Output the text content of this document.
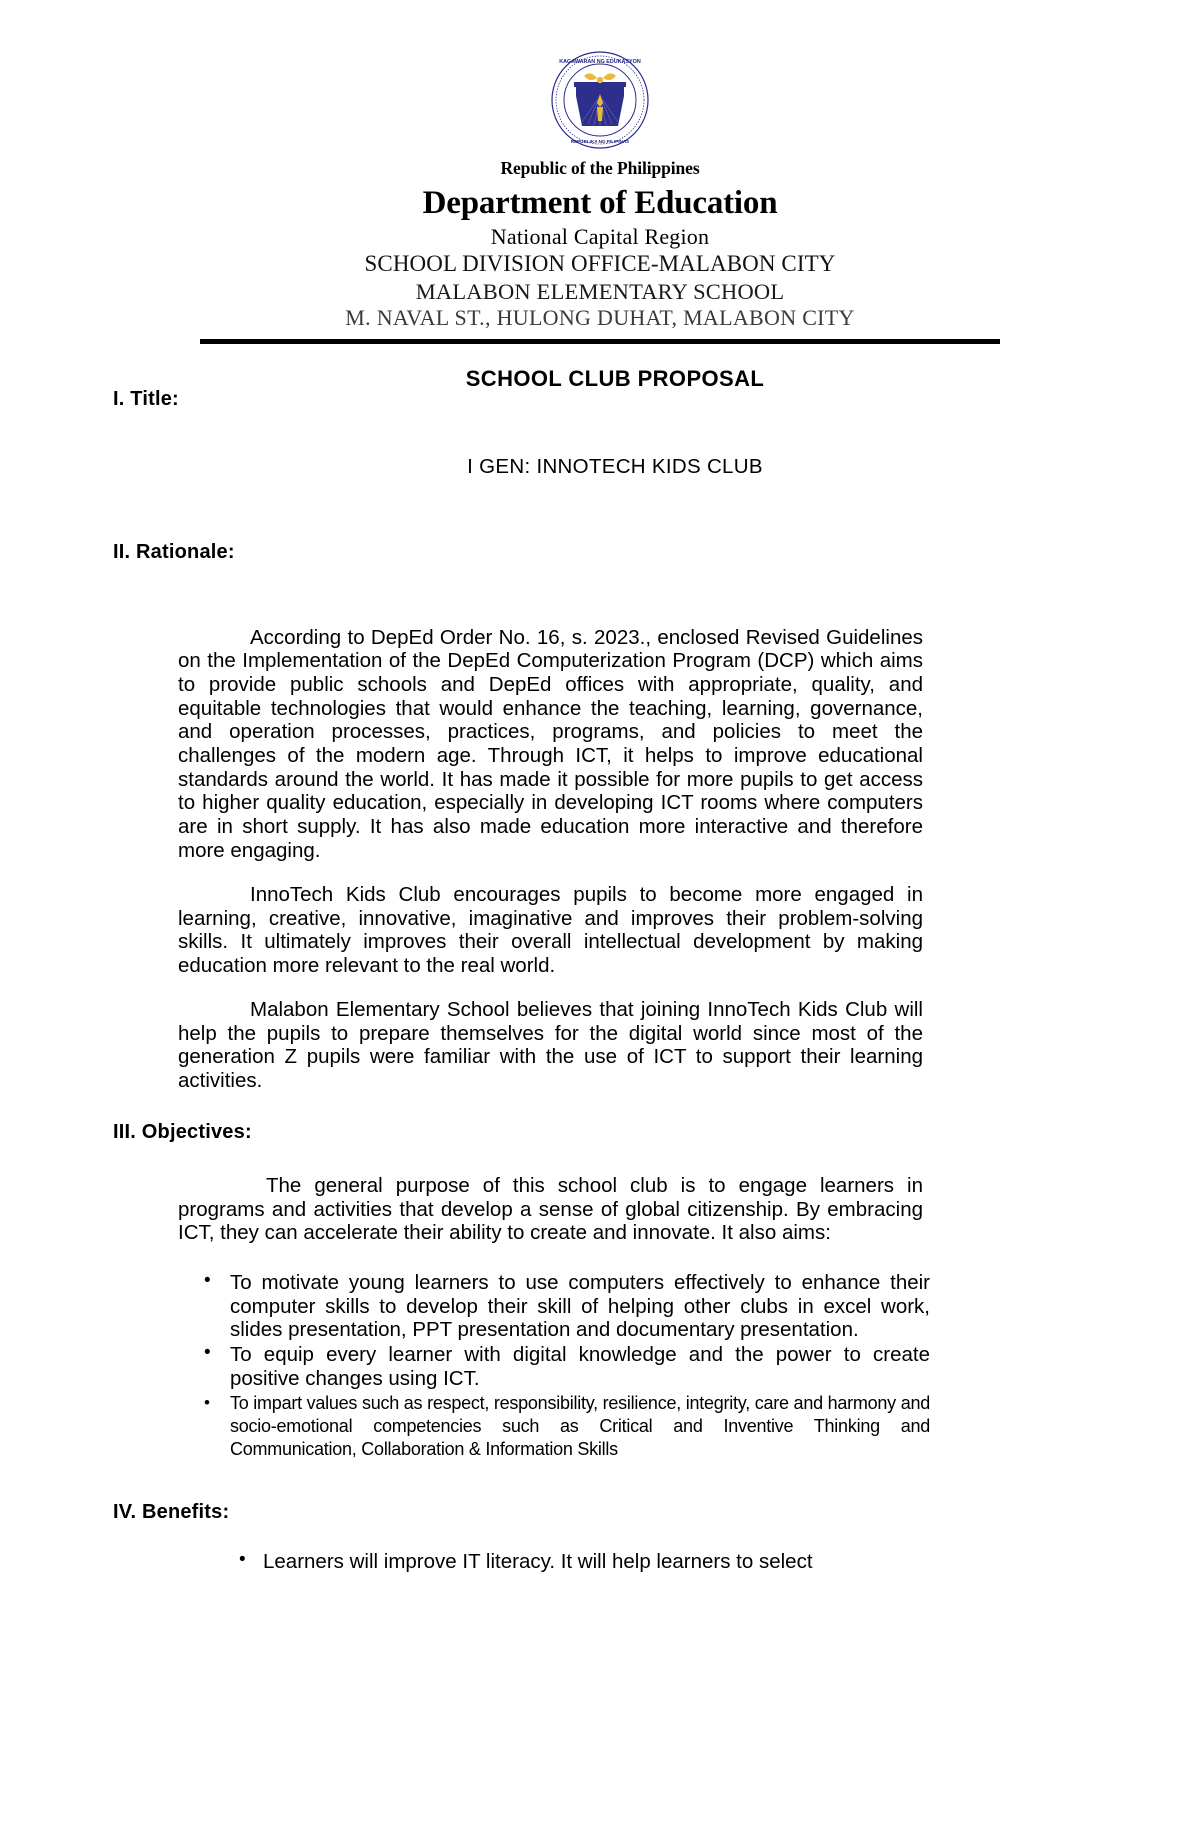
KAGAWARAN NG EDUKASYON
REPUBLIKA NG PILIPINAS
Republic of the Philippines
Department of Education
National Capital Region
SCHOOL DIVISION OFFICE-MALABON CITY
MALABON ELEMENTARY SCHOOL
M. NAVAL ST., HULONG DUHAT, MALABON CITY
SCHOOL CLUB PROPOSAL
I. Title:
I GEN: INNOTECH KIDS CLUB
II. Rationale:

According to DepEd Order No. 16, s. 2023., enclosed Revised Guidelines on the Implementation of the DepEd Computerization Program (DCP) which aims to provide public schools and DepEd offices with appropriate, quality, and equitable technologies that would enhance the teaching, learning, governance, and operation processes, practices, programs, and policies to meet the challenges of the modern age. Through ICT, it helps to improve educational standards around the world. It has made it possible for more pupils to get access to higher quality education, especially in developing ICT rooms where computers are in short supply. It has also made education more interactive and therefore more engaging.

InnoTech Kids Club encourages pupils to become more engaged in learning, creative, innovative, imaginative and improves their problem-solving skills. It ultimately improves their overall intellectual development by making education more relevant to the real world.

Malabon Elementary School believes that joining InnoTech Kids Club will help the pupils to prepare themselves for the digital world since most of the generation Z pupils were familiar with the use of ICT to support their learning activities.

III. Objectives:

The general purpose of this school club is to engage learners in programs and activities that develop a sense of global citizenship. By embracing ICT, they can accelerate their ability to create and innovate. It also aims:

• To motivate young learners to use computers effectively to enhance their computer skills to develop their skill of helping other clubs in excel work, slides presentation, PPT presentation and documentary presentation.
• To equip every learner with digital knowledge and the power to create positive changes using ICT.
• To impart values such as respect, responsibility, resilience, integrity, care and harmony and socio-emotional competencies such as Critical and Inventive Thinking and Communication, Collaboration & Information Skills
IV. Benefits:
• Learners will improve IT literacy. It will help learners to select
